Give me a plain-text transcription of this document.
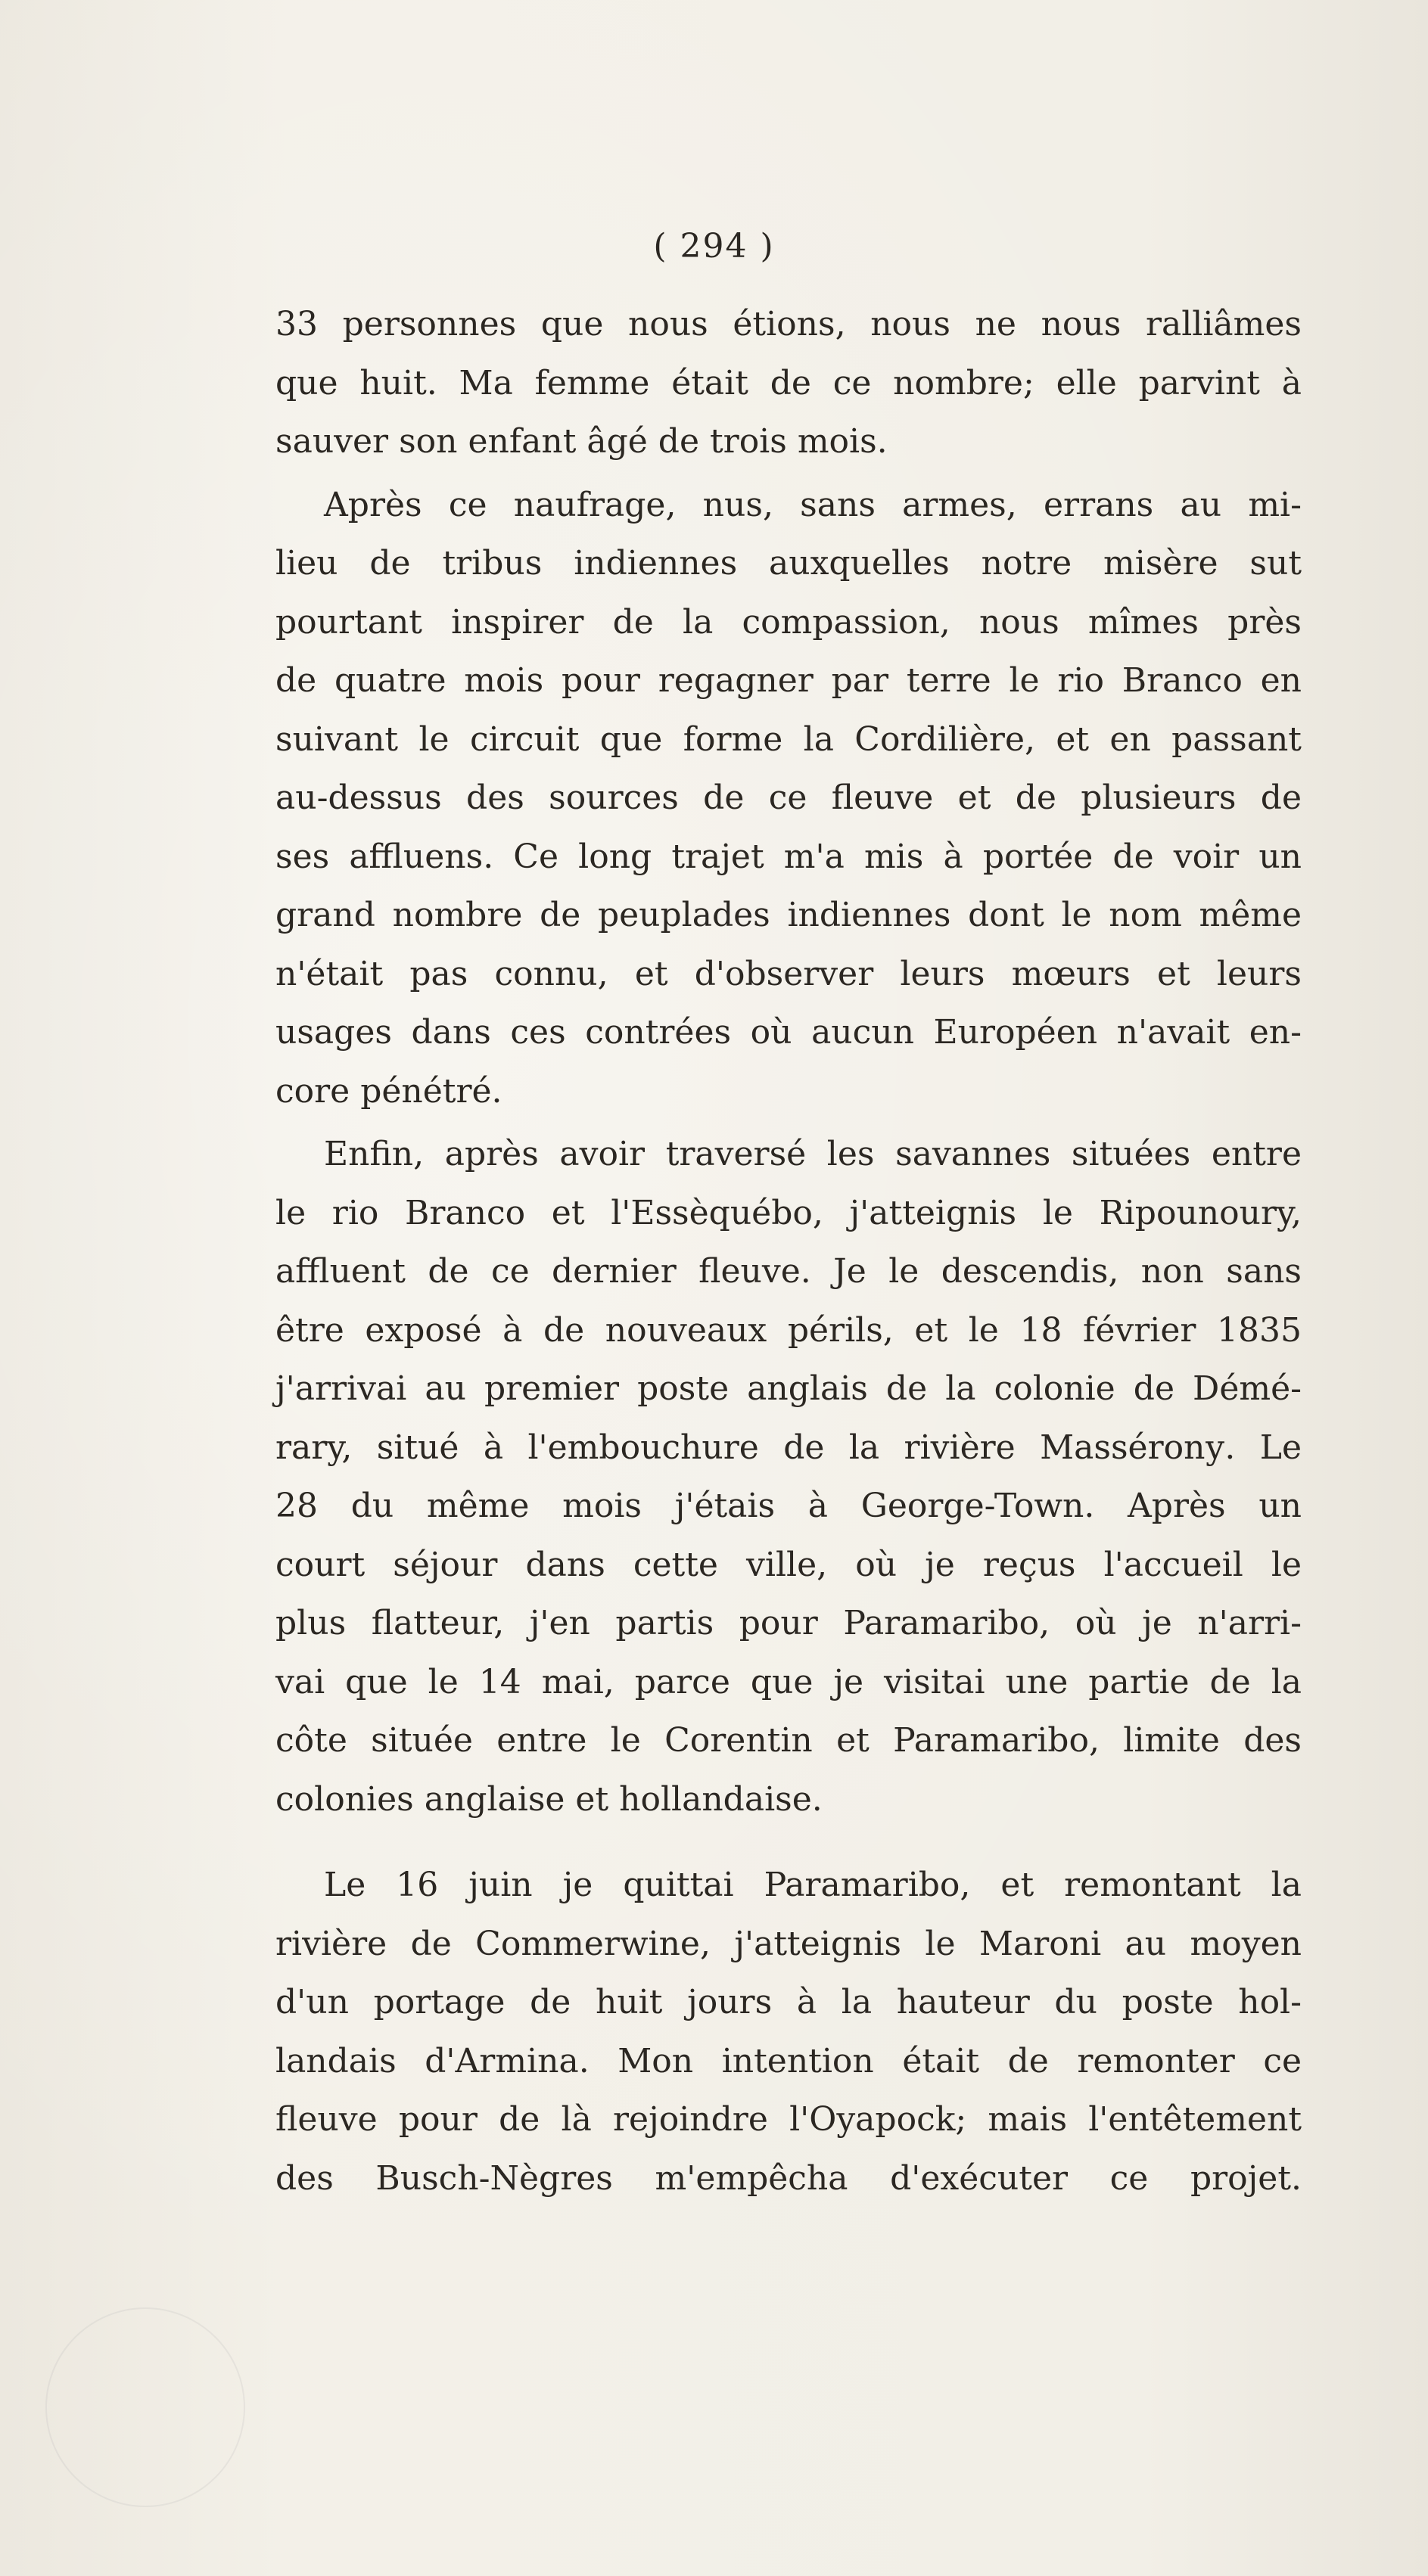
( 294 )

33 personnes que nous étions, nous ne nous ralliâmes
que huit. Ma femme était de ce nombre; elle parvint à
sauver son enfant âgé de trois mois.

Après ce naufrage, nus, sans armes, errans au mi-
lieu de tribus indiennes auxquelles notre misère sut
pourtant inspirer de la compassion, nous mîmes près
de quatre mois pour regagner par terre le rio Branco en
suivant le circuit que forme la Cordilière, et en passant
au-dessus des sources de ce fleuve et de plusieurs de
ses affluens. Ce long trajet m'a mis à portée de voir un
grand nombre de peuplades indiennes dont le nom même
n'était pas connu, et d'observer leurs mœurs et leurs
usages dans ces contrées où aucun Européen n'avait en-
core pénétré.

Enfin, après avoir traversé les savannes situées entre
le rio Branco et l'Essèquébo, j'atteignis le Ripounoury,
affluent de ce dernier fleuve. Je le descendis, non sans
être exposé à de nouveaux périls, et le 18 février 1835
j'arrivai au premier poste anglais de la colonie de Démé-
rary, situé à l'embouchure de la rivière Masséronу. Le
28 du même mois j'étais à George-Town. Après un
court séjour dans cette ville, où je reçus l'accueil le
plus flatteur, j'en partis pour Paramaribo, où je n'arri-
vai que le 14 mai, parce que je visitai une partie de la
côte située entre le Corentin et Paramaribo, limite des
colonies anglaise et hollandaise.

Le 16 juin je quittai Paramaribo, et remontant la
rivière de Commerwine, j'atteignis le Maroni au moyen
d'un portage de huit jours à la hauteur du poste hol-
landais d'Armina. Mon intention était de remonter ce
fleuve pour de là rejoindre l'Oyapock; mais l'entêtement
des Busch-Nègres m'empêcha d'exécuter ce projet.
